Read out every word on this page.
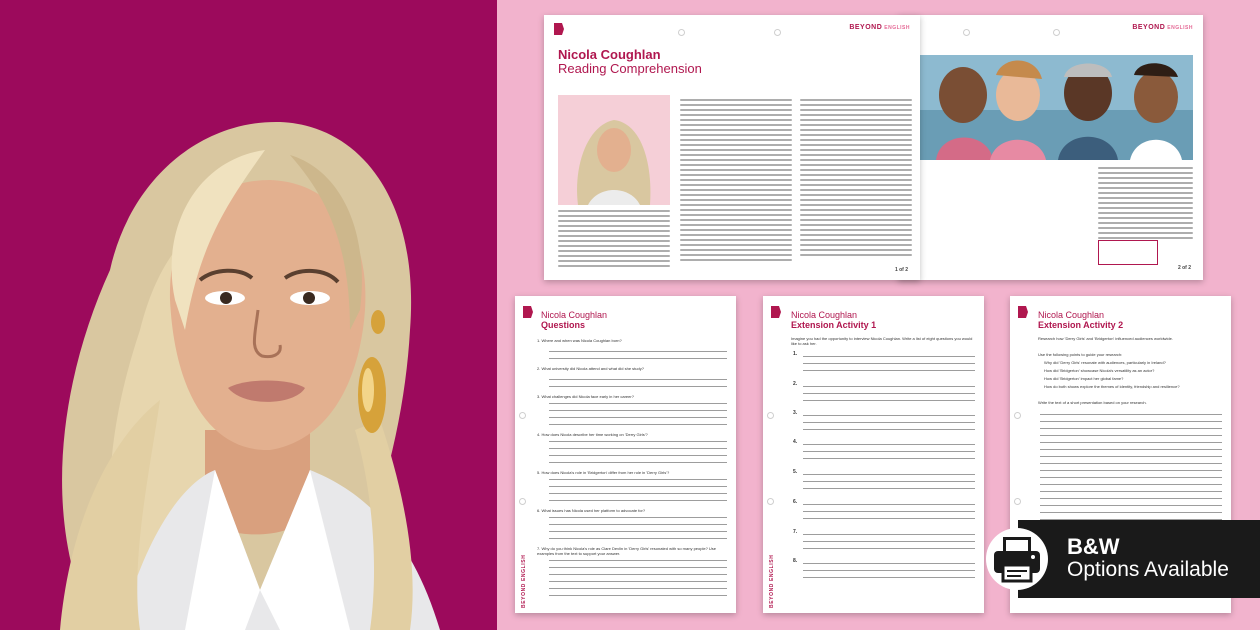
BEYOND ENGLISH
2 of 2
BEYOND ENGLISH
Nicola Coughlan
Reading Comprehension
1 of 2
Nicola Coughlan
Questions
BEYOND ENGLISH
1. Where and when was Nicola Coughlan born?
2. What university did Nicola attend and what did she study?
3. What challenges did Nicola face early in her career?
4. How does Nicola describe her time working on 'Derry Girls'?
5. How does Nicola's role in 'Bridgerton' differ from her role in 'Derry Girls'?
6. What issues has Nicola used her platform to advocate for?
7. Why do you think Nicola's role as Clare Devlin in 'Derry Girls' resonated with so many people? Use examples from the text to support your answer.
Nicola Coughlan
Extension Activity 1
BEYOND ENGLISH
Imagine you had the opportunity to interview Nicola Coughlan. Write a list of eight questions you would like to ask her.
1.
2.
3.
4.
5.
6.
7.
8.
Nicola Coughlan
Extension Activity 2
Research how 'Derry Girls' and 'Bridgerton' influenced audiences worldwide.
Use the following points to guide your research:
Why did 'Derry Girls' resonate with audiences, particularly in Ireland?
How did 'Bridgerton' showcase Nicola's versatility as an actor?
How did 'Bridgerton' impact her global fame?
How do both shows explore the themes of identity, friendship and resilience?
Write the text of a short presentation based on your research.
B&W
Options Available
